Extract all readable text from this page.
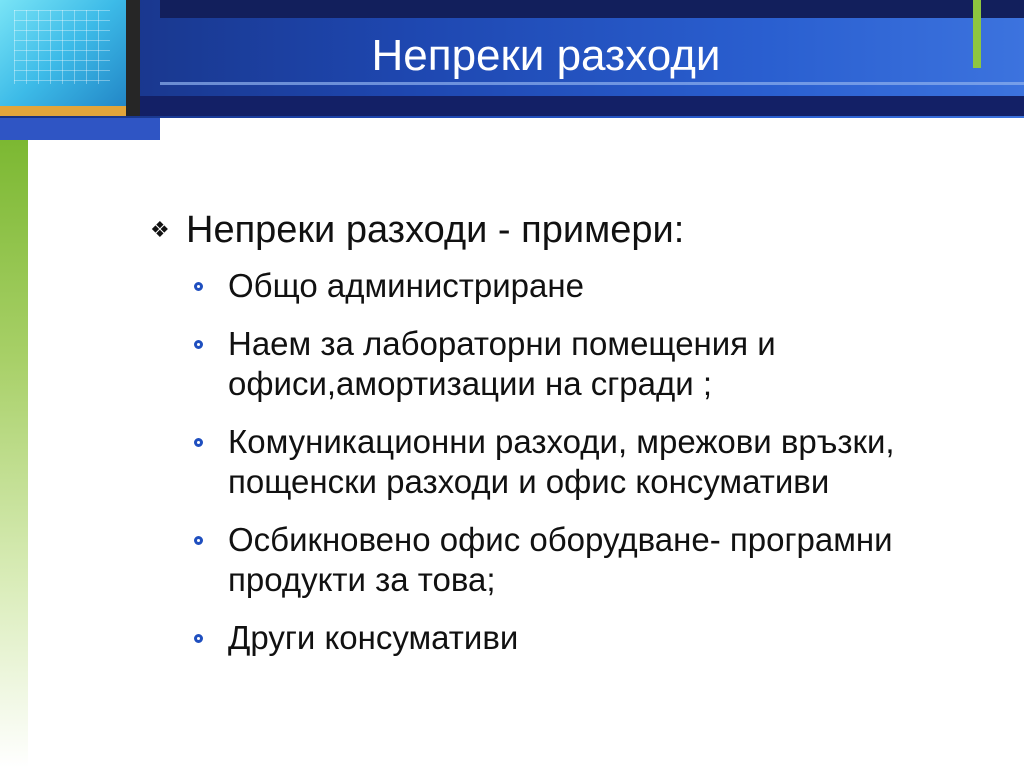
Непреки разходи
❖ Непреки разходи - примери:
Общо администриране
Наем за лабораторни помещения и офиси,амортизации на сгради ;
Комуникационни разходи, мрежови връзки, пощенски разходи и офис консумативи
Осбикновено офис оборудване- програмни продукти за това;
Други консумативи
